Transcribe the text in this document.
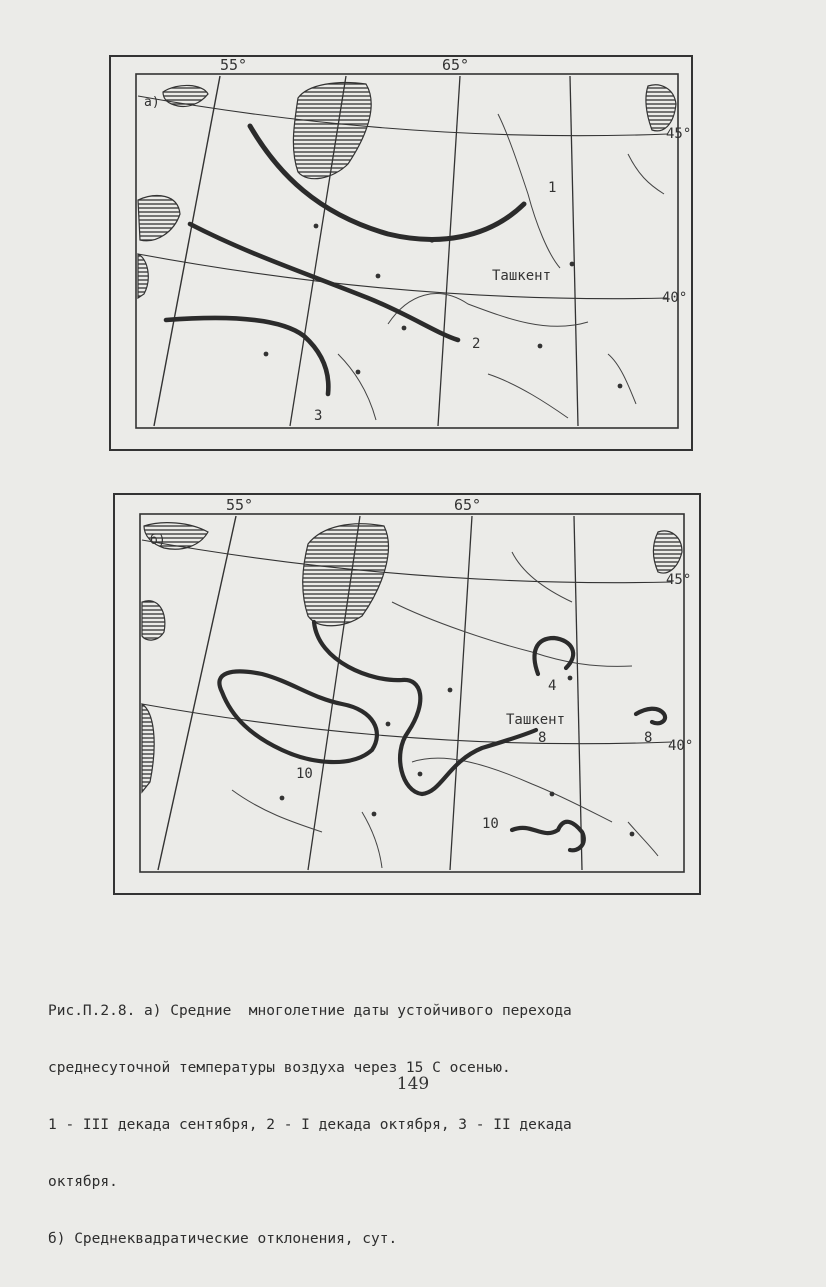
55°	65°
45°
40°
а)
Ташкент
1
2
3
55°	65°
45°
40°
б)
Ташкент
4
8	8
10
10

Рис.П.2.8. а) Средние  многолетние даты устойчивого перехода

среднесуточной температуры воздуха через 15 С осенью.

1 - III декада сентября, 2 - I декада октября, 3 - II декада

октября.

б) Среднеквадратические отклонения, сут.

149
